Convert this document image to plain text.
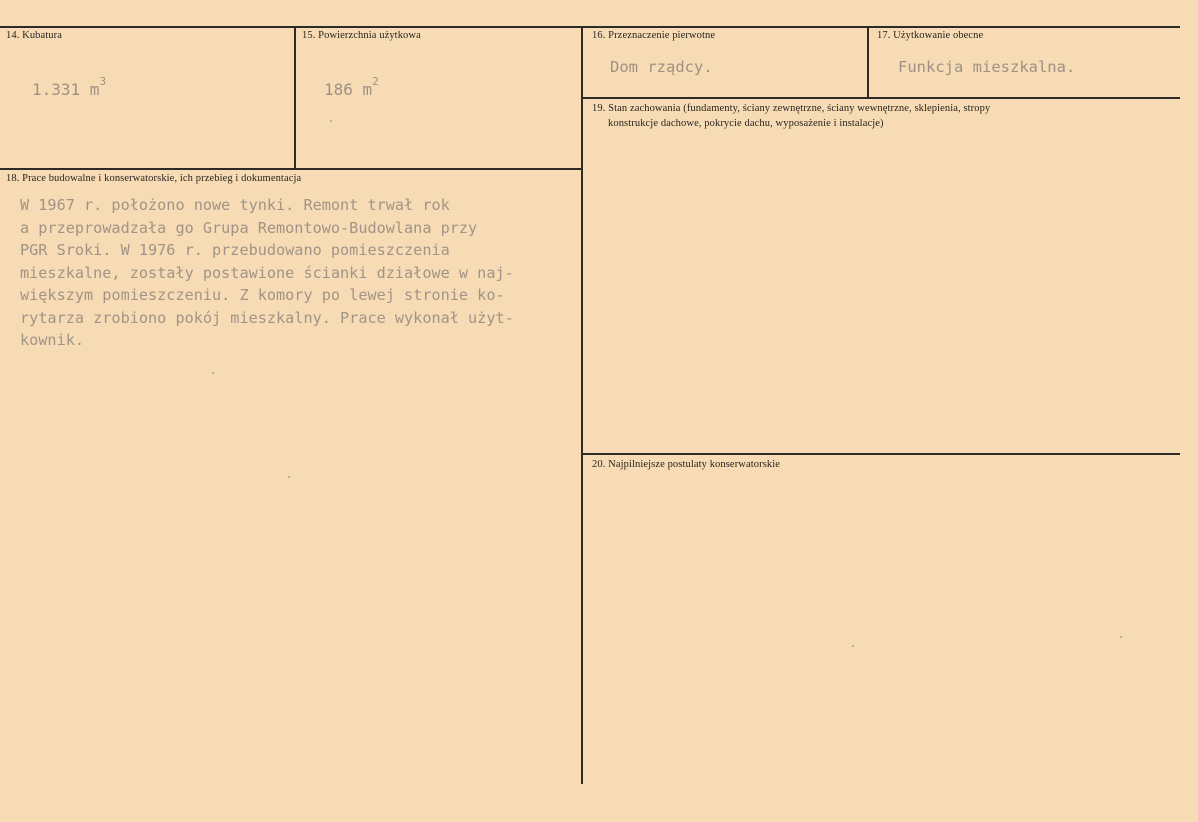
14. Kubatura
1.331 $m^3$
15. Powierzchnia użytkowa
186 $m^2$
16. Przeznaczenie pierwotne
Dom rządcy.
17. Użytkowanie obecne
Funkcja mieszkalna.
18. Prace budowalne i konserwatorskie, ich przebieg i dokumentacja
W 1967 r. położono nowe tynki. Remont trwał rok
a przeprowadzała go Grupa Remontowo-Budowlana przy
PGR Sroki. W 1976 r. przebudowano pomieszczenia
mieszkalne, zostały postawione ścianki działowe w naj-
większym pomieszczeniu. Z komory po lewej stronie ko-
rytarza zrobiono pokój mieszkalny. Prace wykonał użyt-
kownik.
19. Stan zachowania (fundamenty, ściany zewnętrzne, ściany wewnętrzne, sklepienia, stropy
konstrukcje dachowe, pokrycie dachu, wyposażenie i instalacje)
20. Najpilniejsze postulaty konserwatorskie
